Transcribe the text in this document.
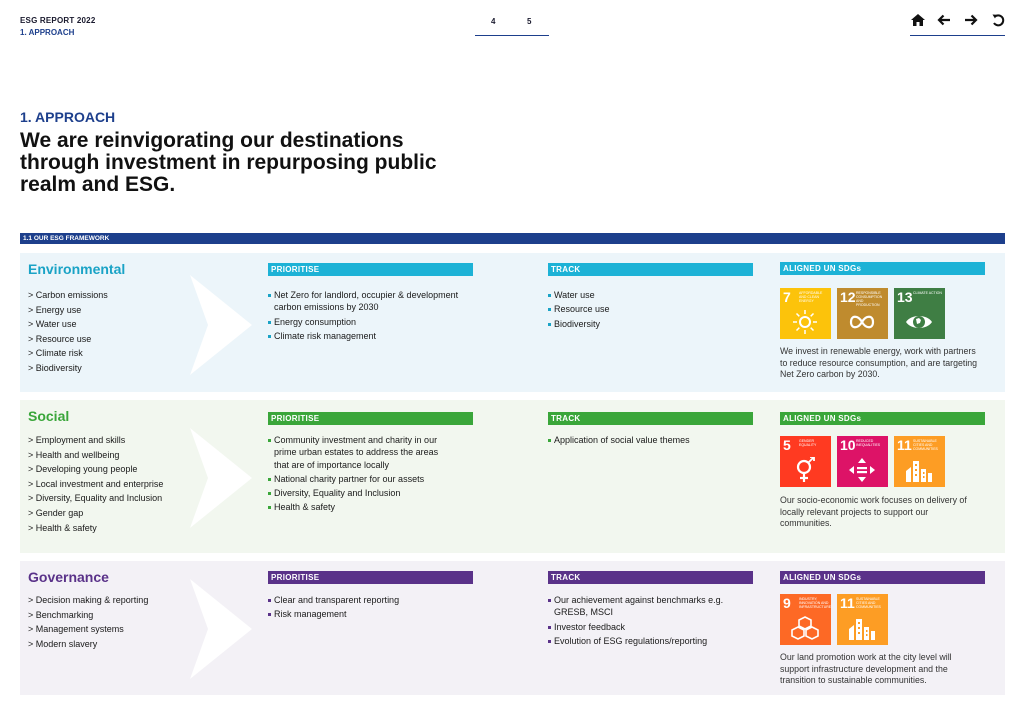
ESG REPORT 2022
1. APPROACH
4	5
1. APPROACH
We are reinvigorating our destinations through investment in repurposing public realm and ESG.
1.1 OUR ESG FRAMEWORK
Environmental
> Carbon emissions
> Energy use
> Water use
> Resource use
> Climate risk
> Biodiversity
PRIORITISE
Net Zero for landlord, occupier & development carbon emissions by 2030
Energy consumption
Climate risk management
TRACK
Water use
Resource use
Biodiversity
ALIGNED UN SDGs
7 AFFORDABLE AND CLEAN ENERGY	12 RESPONSIBLE CONSUMPTION AND PRODUCTION	13 CLIMATE ACTION
We invest in renewable energy, work with partners to reduce resource consumption, and are targeting Net Zero carbon by 2030.
Social
> Employment and skills
> Health and wellbeing
> Developing young people
> Local investment and enterprise
> Diversity, Equality and Inclusion
> Gender gap
> Health & safety
PRIORITISE
Community investment and charity in our prime urban estates to address the areas that are of importance locally
National charity partner for our assets
Diversity, Equality and Inclusion
Health & safety
TRACK
Application of social value themes
ALIGNED UN SDGs
5 GENDER EQUALITY	10 REDUCED INEQUALITIES	11 SUSTAINABLE CITIES AND COMMUNITIES
Our socio-economic work focuses on delivery of locally relevant projects to support our communities.
Governance
> Decision making & reporting
> Benchmarking
> Management systems
> Modern slavery
PRIORITISE
Clear and transparent reporting
Risk management
TRACK
Our achievement against benchmarks e.g. GRESB, MSCI
Investor feedback
Evolution of ESG regulations/reporting
ALIGNED UN SDGs
9 INDUSTRY, INNOVATION AND INFRASTRUCTURE 11 SUSTAINABLE CITIES AND COMMUNITIES
Our land promotion work at the city level will support infrastructure development and the transition to sustainable communities.
